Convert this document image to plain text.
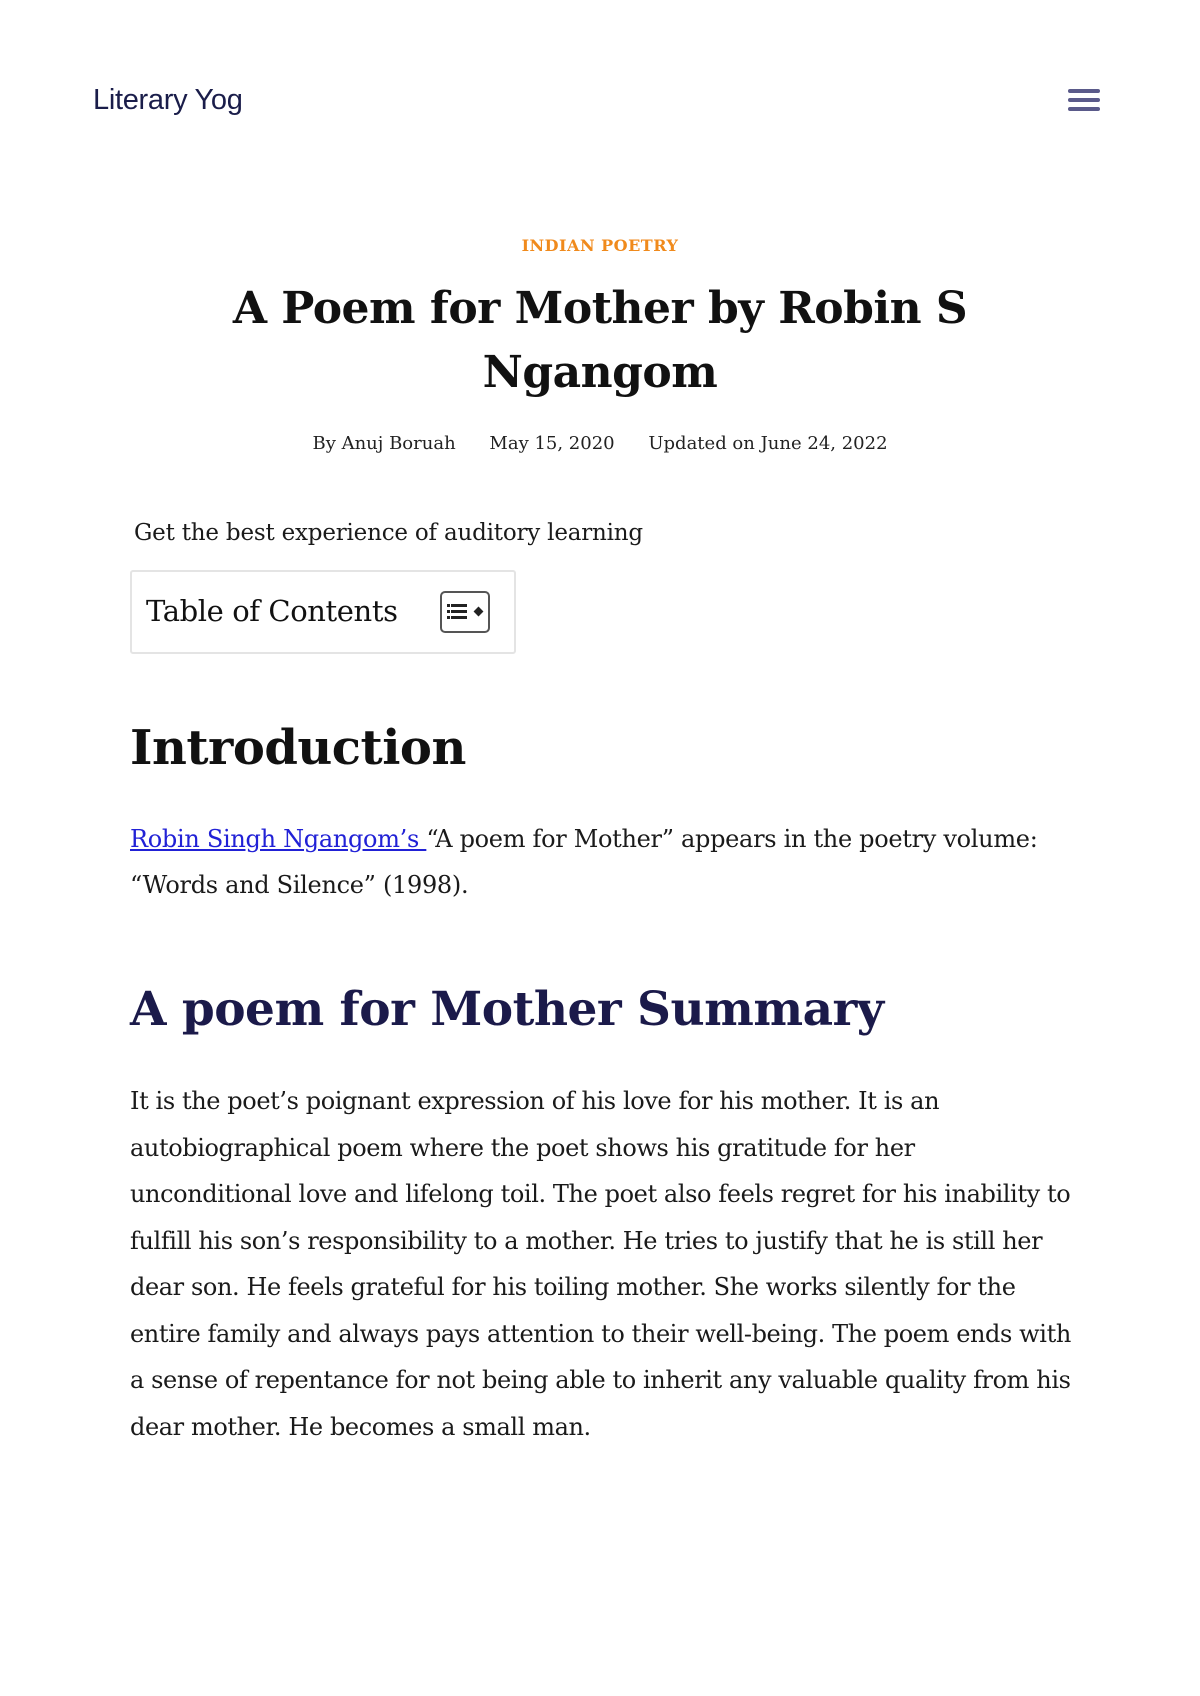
Literary Yog
INDIAN POETRY
A Poem for Mother by Robin S Ngangom
By Anuj Boruah May 15, 2020 Updated on June 24, 2022
Get the best experience of auditory learning
Table of Contents
Introduction

Robin Singh Ngangom’s “A poem for Mother” appears in the poetry volume: “Words and Silence” (1998).

A poem for Mother Summary

It is the poet’s poignant expression of his love for his mother. It is an autobiographical poem where the poet shows his gratitude for her unconditional love and lifelong toil. The poet also feels regret for his inability to fulfill his son’s responsibility to a mother. He tries to justify that he is still her dear son. He feels grateful for his toiling mother. She works silently for the entire family and always pays attention to their well-being. The poem ends with a sense of repentance for not being able to inherit any valuable quality from his dear mother. He becomes a small man.
